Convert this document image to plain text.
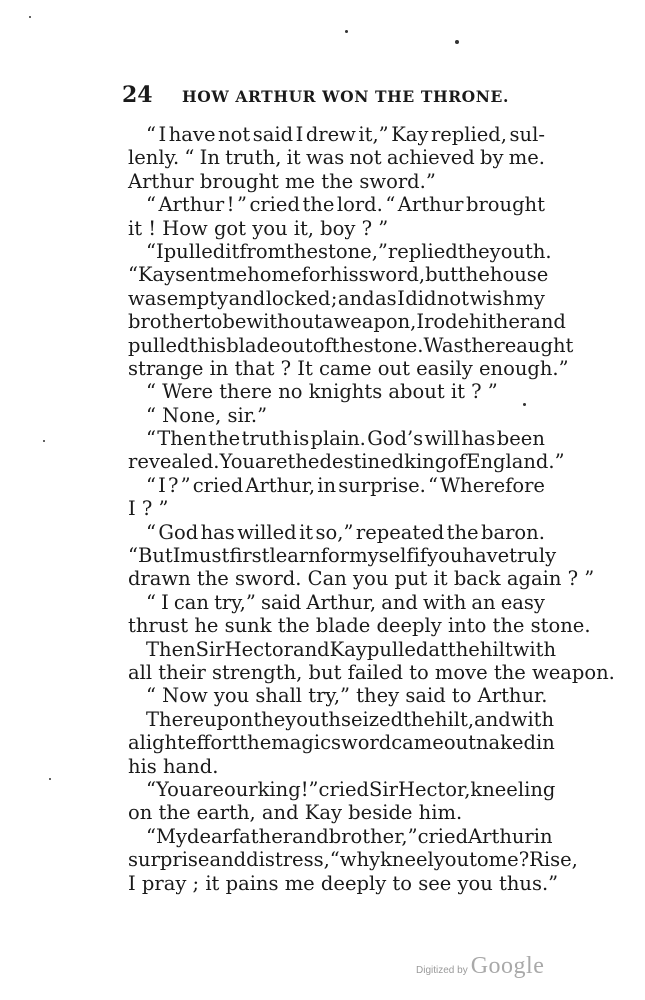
24	HOW ARTHUR WON THE THRONE.
“ I have not said I drew it,” Kay replied, sul-
lenly. “ In truth, it was not achieved by me.
Arthur brought me the sword.”
“ Arthur ! ” cried the lord. “ Arthur brought
it ! How got you it, boy ? ”
“ I pulled it from the stone,” replied the youth.
“ Kay sent me home for his sword, but the house
was empty and locked ; and as I did not wish my
brother to be without a weapon, I rode hither and
pulled this blade out of the stone. Was there aught
strange in that ? It came out easily enough.”
“ Were there no knights about it ? ”
“ None, sir.”
“ Then the truth is plain. God’s will has been
revealed. You are the destined king of England.”
“ I ? ” cried Arthur, in surprise. “ Wherefore
I ? ”
“ God has willed it so,” repeated the baron.
“ But I must first learn for myself if you have truly
drawn the sword. Can you put it back again ? ”
“ I can try,” said Arthur, and with an easy
thrust he sunk the blade deeply into the stone.
Then Sir Hector and Kay pulled at the hilt with
all their strength, but failed to move the weapon.
“ Now you shall try,” they said to Arthur.
Thereupon the youth seized the hilt, and with
a light effort the magic sword came out naked in
his hand.
“ You are our king ! ” cried Sir Hector, kneeling
on the earth, and Kay beside him.
“ My dear father and brother,” cried Arthur in
surprise and distress, “ why kneel you to me ? Rise,
I pray ; it pains me deeply to see you thus.”
Digitized by Google
